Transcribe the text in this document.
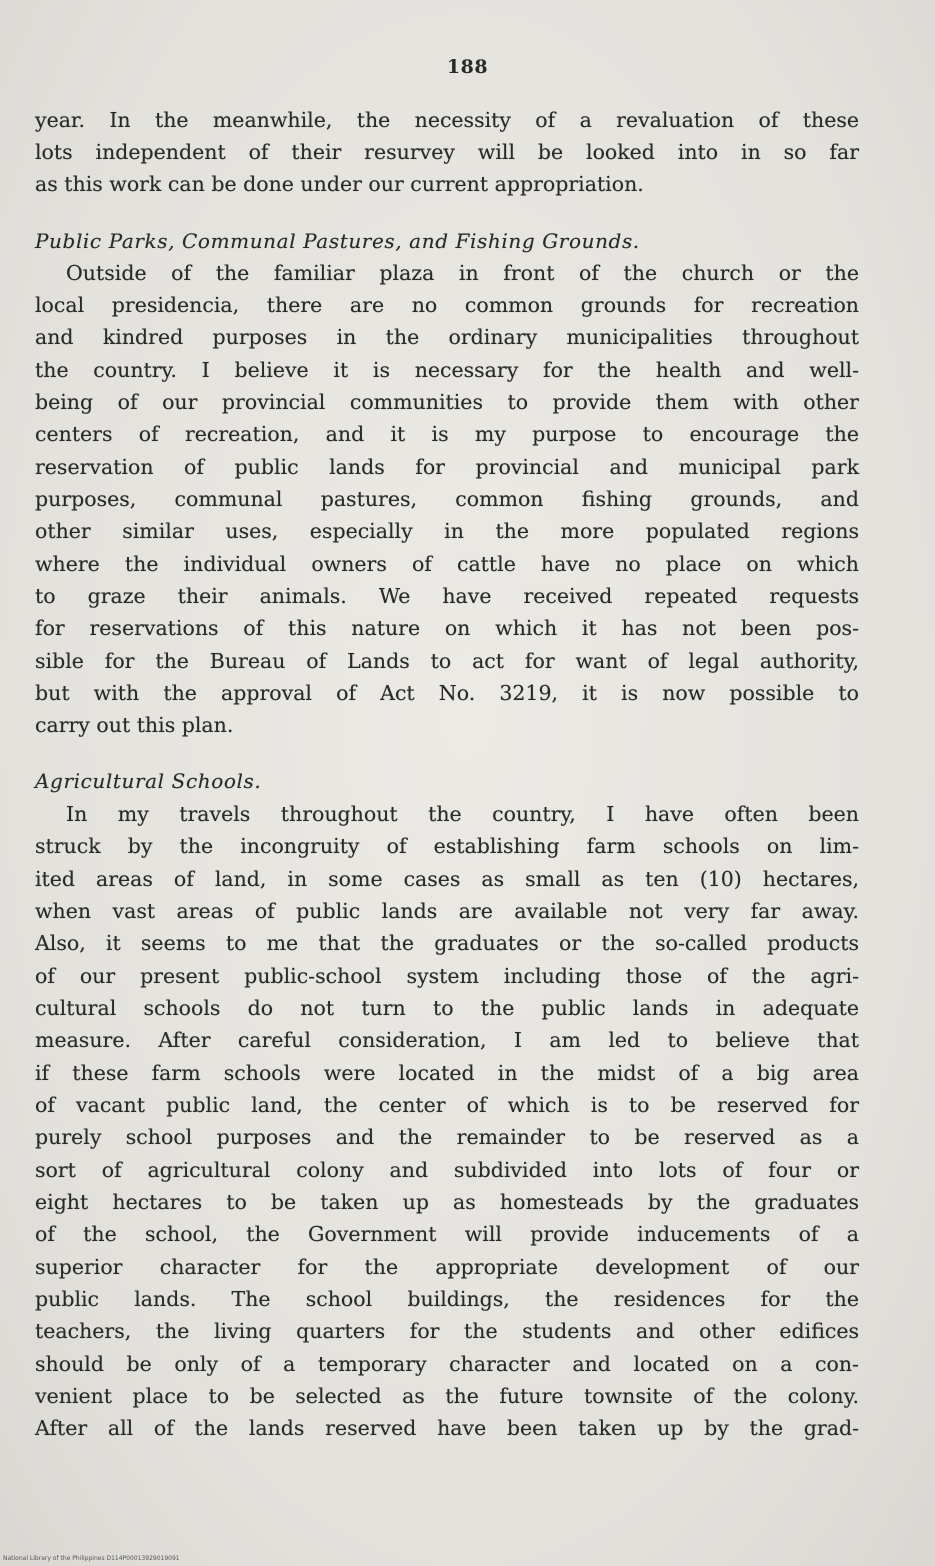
188
year. In the meanwhile, the necessity of a revaluation of these
lots independent of their resurvey will be looked into in so far
as this work can be done under our current appropriation.
Public Parks, Communal Pastures, and Fishing Grounds.
Outside of the familiar plaza in front of the church or the
local presidencia, there are no common grounds for recreation
and kindred purposes in the ordinary municipalities throughout
the country. I believe it is necessary for the health and well-
being of our provincial communities to provide them with other
centers of recreation, and it is my purpose to encourage the
reservation of public lands for provincial and municipal park
purposes, communal pastures, common fishing grounds, and
other similar uses, especially in the more populated regions
where the individual owners of cattle have no place on which
to graze their animals. We have received repeated requests
for reservations of this nature on which it has not been pos-
sible for the Bureau of Lands to act for want of legal authority,
but with the approval of Act No. 3219, it is now possible to
carry out this plan.
Agricultural Schools.
In my travels throughout the country, I have often been
struck by the incongruity of establishing farm schools on lim-
ited areas of land, in some cases as small as ten (10) hectares,
when vast areas of public lands are available not very far away.
Also, it seems to me that the graduates or the so-called products
of our present public-school system including those of the agri-
cultural schools do not turn to the public lands in adequate
measure. After careful consideration, I am led to believe that
if these farm schools were located in the midst of a big area
of vacant public land, the center of which is to be reserved for
purely school purposes and the remainder to be reserved as a
sort of agricultural colony and subdivided into lots of four or
eight hectares to be taken up as homesteads by the graduates
of the school, the Government will provide inducements of a
superior character for the appropriate development of our
public lands. The school buildings, the residences for the
teachers, the living quarters for the students and other edifices
should be only of a temporary character and located on a con-
venient place to be selected as the future townsite of the colony.
After all of the lands reserved have been taken up by the grad-
National Library of the Philippines D114P00013929019091
